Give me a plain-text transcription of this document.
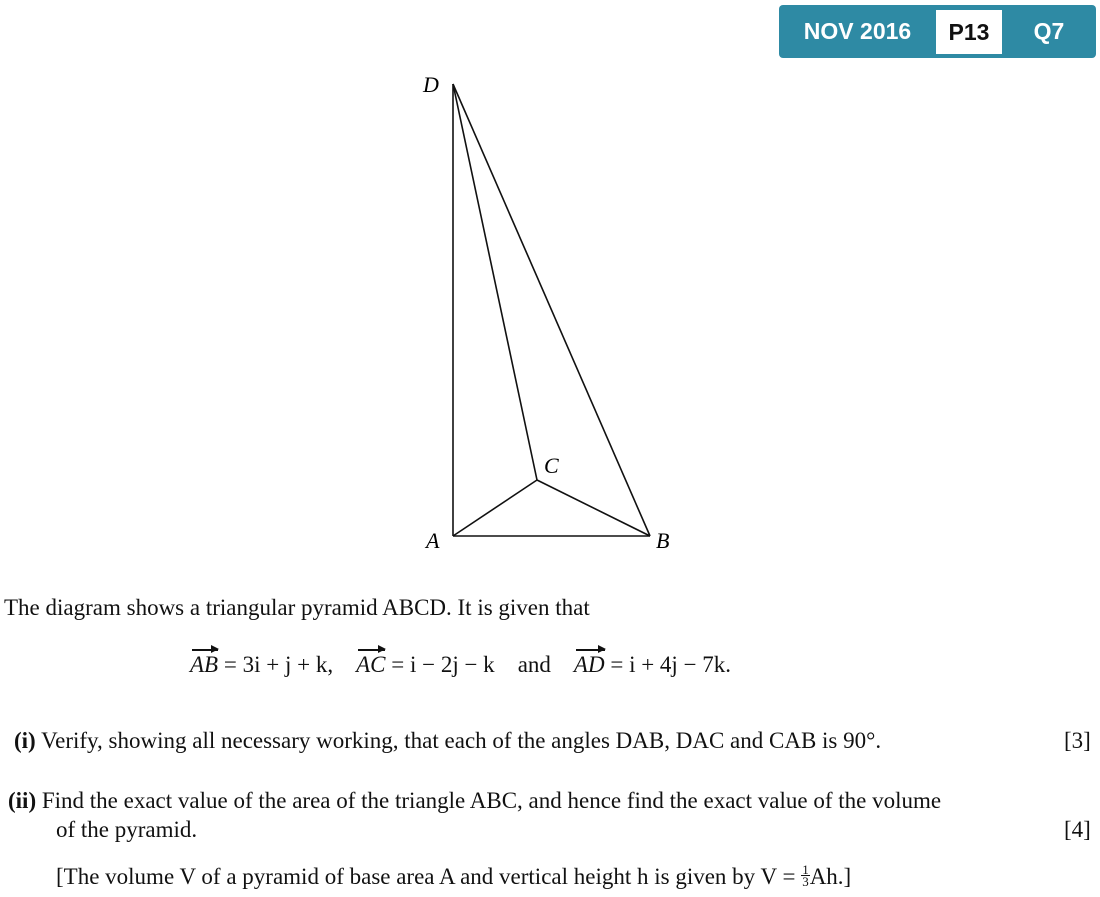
NOV 2016	P13	Q7
D
C
A	B
The diagram shows a triangular pyramid ABCD. It is given that
AB = 3i + j + k, AC = i − 2j − k and AD = i + 4j − 7k.
(i) Verify, showing all necessary working, that each of the angles DAB, DAC and CAB is 90°.	[3]
(ii) Find the exact value of the area of the triangle ABC, and hence find the exact value of the volume
of the pyramid.	[4]
[The volume V of a pyramid of base area A and vertical height h is given by $V = \frac{1}{3} Ah$.]
